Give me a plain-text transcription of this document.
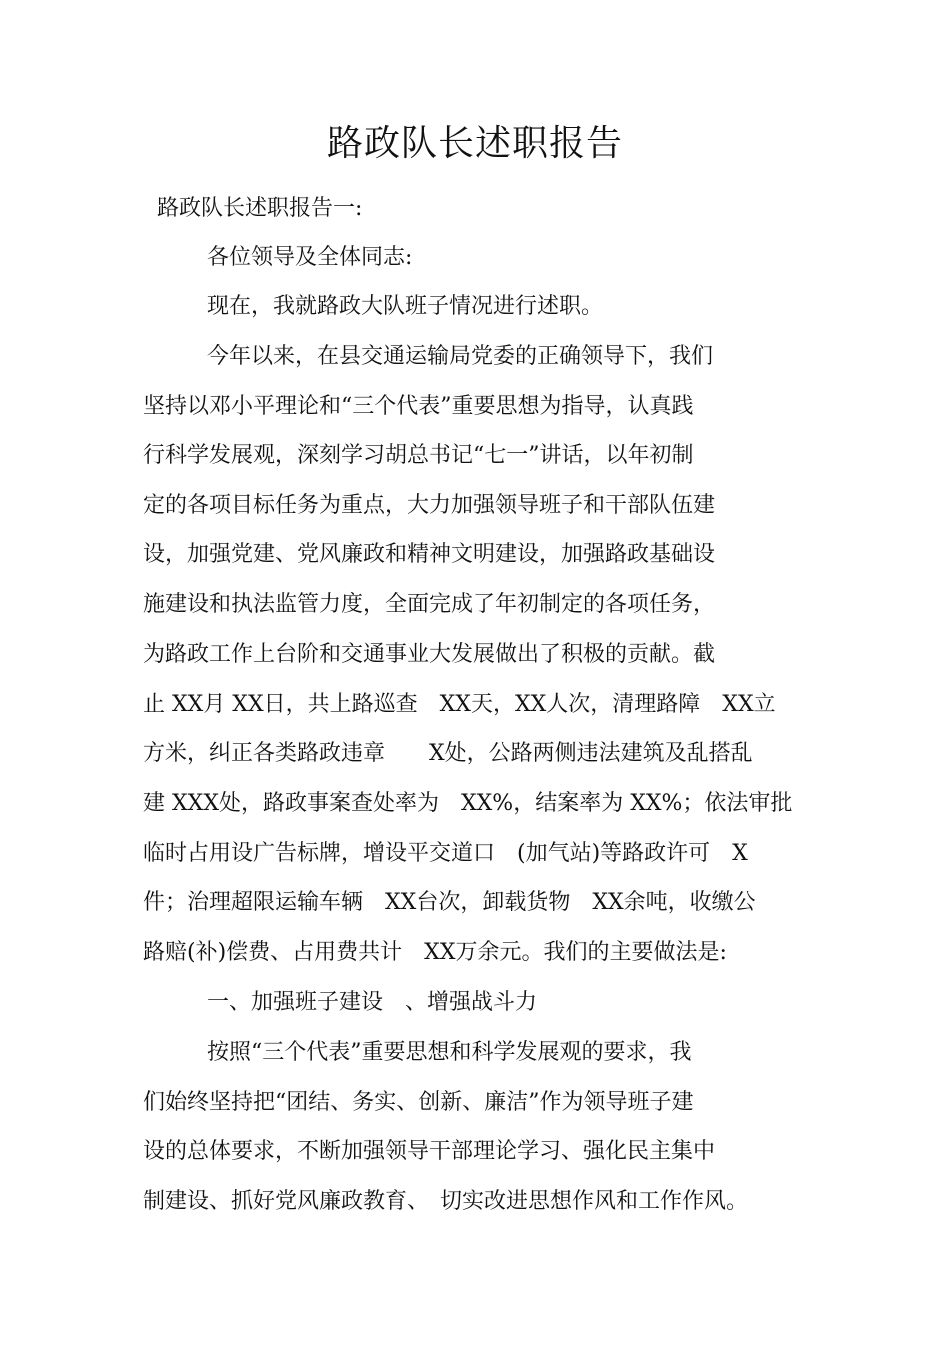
路政队长述职报告
路政队长述职报告一:
各位领导及全体同志:
现在，我就路政大队班子情况进行述职。
今年以来，在县交通运输局党委的正确领导下，我们
坚持以邓小平理论和“三个代表”重要思想为指导，认真践
行科学发展观，深刻学习胡总书记“七一”讲话，以年初制
定的各项目标任务为重点，大力加强领导班子和干部队伍建
设，加强党建、党风廉政和精神文明建设，加强路政基础设
施建设和执法监管力度，全面完成了年初制定的各项任务，
为路政工作上台阶和交通事业大发展做出了积极的贡献。截
止 XX月 XX日，共上路巡查　XX天，XX人次，清理路障　XX立
方米，纠正各类路政违章　　X处，公路两侧违法建筑及乱搭乱
建 XXX处，路政事案查处率为　XX%，结案率为 XX%；依法审批
临时占用设广告标牌，增设平交道口　(加气站)等路政许可　X
件；治理超限运输车辆　XX台次，卸载货物　XX余吨，收缴公
路赔(补)偿费、占用费共计　XX万余元。我们的主要做法是:
一、加强班子建设　、增强战斗力
按照“三个代表”重要思想和科学发展观的要求，我
们始终坚持把“团结、务实、创新、廉洁”作为领导班子建
设的总体要求，不断加强领导干部理论学习、强化民主集中
制建设、抓好党风廉政教育、　切实改进思想作风和工作作风。
